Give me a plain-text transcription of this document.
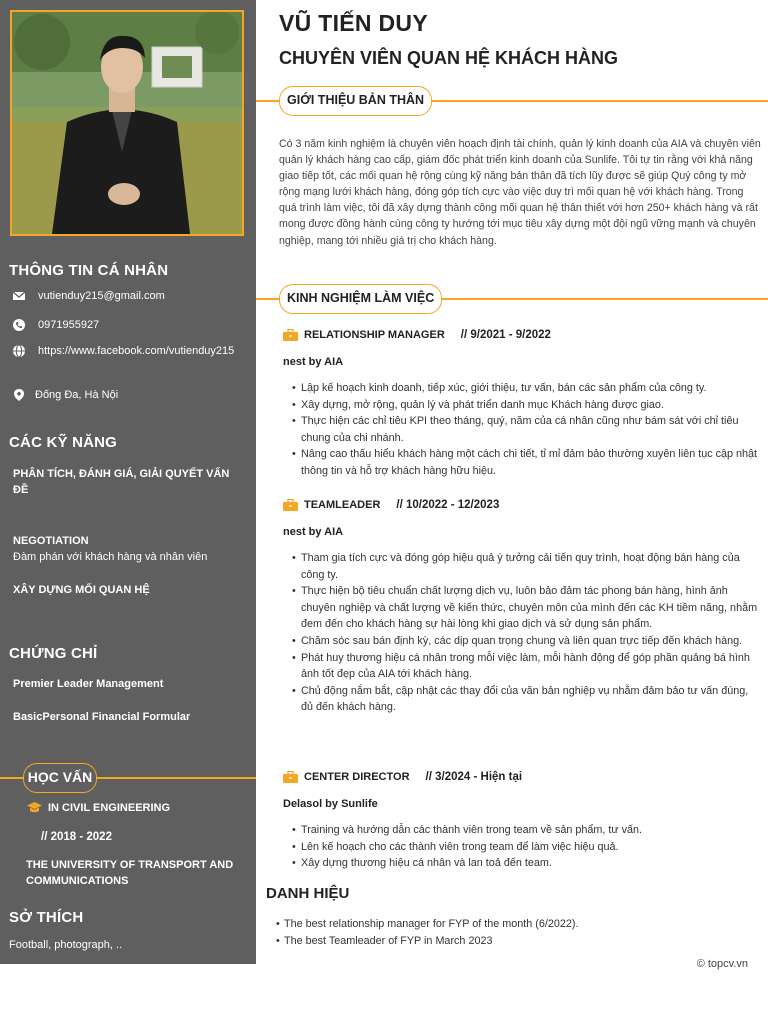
THÔNG TIN CÁ NHÂN
vutienduy215@gmail.com
0971955927
https://www.facebook.com/vutienduy215
Đống Đa, Hà Nội
CÁC KỸ NĂNG
PHÂN TÍCH, ĐÁNH GIÁ, GIẢI QUYẾT VẤN ĐỀ
NEGOTIATION
Đàm phán với khách hàng và nhân viên
XÂY DỰNG MỐI QUAN HỆ
CHỨNG CHỈ
Premier Leader Management
BasicPersonal Financial Formular
HỌC VẤN
IN CIVIL ENGINEERING
// 2018 - 2022
THE UNIVERSITY OF TRANSPORT AND COMMUNICATIONS
SỞ THÍCH
Football, photograph, ..
VŨ TIẾN DUY
CHUYÊN VIÊN QUAN HỆ KHÁCH HÀNG
GIỚI THIỆU BẢN THÂN
Có 3 năm kinh nghiệm là chuyên viên hoạch định tài chính, quản lý kinh doanh của AIA và chuyên viên quản lý khách hàng cao cấp, giám đốc phát triển kinh doanh của Sunlife. Tôi tự tin rằng với khả năng giao tiếp tốt, các mối quan hệ rộng cùng kỹ năng bản thân đã tích lũy được sẽ giúp Quý công ty mở rộng mạng lưới khách hàng, đóng góp tích cực vào việc duy trì mối quan hệ với khách hàng. Trong quá trình làm việc, tôi đã xây dựng thành công mối quan hệ thân thiết với hơn 250+ khách hàng và rất mong được đồng hành cùng công ty hướng tới mục tiêu xây dựng một đội ngũ vững mạnh và chuyên nghiệp, mang tới nhiều giá trị cho khách hàng.
KINH NGHIỆM LÀM VIỆC
RELATIONSHIP MANAGER // 9/2021 - 9/2022
nest by AIA
• Lập kế hoạch kinh doanh, tiếp xúc, giới thiệu, tư vấn, bán các sản phẩm của công ty.
• Xây dựng, mở rộng, quản lý và phát triển danh mục Khách hàng được giao.
• Thực hiện các chỉ tiêu KPI theo tháng, quý, năm của cá nhân cũng như bám sát với chỉ tiêu chung của chi nhánh.
• Nâng cao thấu hiểu khách hàng một cách chi tiết, tỉ mỉ đảm bảo thường xuyên liên tục cập nhật thông tin và hỗ trợ khách hàng hữu hiệu.
TEAMLEADER // 10/2022 - 12/2023
nest by AIA
• Tham gia tích cực và đóng góp hiệu quả ý tưởng cải tiến quy trình, hoạt động bán hàng của công ty.
• Thực hiện bộ tiêu chuẩn chất lượng dịch vụ, luôn bảo đảm tác phong bán hàng, hình ảnh chuyên nghiệp và chất lượng về kiến thức, chuyên môn của mình đến các KH tiềm năng, nhằm đem đến cho khách hàng sự hài lòng khi giao dịch và sử dụng sản phẩm.
• Chăm sóc sau bán định kỳ, các dịp quan trọng chung và liên quan trực tiếp đến khách hàng.
• Phát huy thương hiệu cá nhân trong mỗi việc làm, mỗi hành động để góp phần quảng bá hình ảnh tốt đẹp của AIA tới khách hàng.
• Chủ động nắm bắt, cập nhật các thay đổi của văn bản nghiệp vụ nhằm đảm bảo tư vấn đúng, đủ đến khách hàng.
CENTER DIRECTOR // 3/2024 - Hiện tại
Delasol by Sunlife
• Training và hướng dẫn các thành viên trong team về sản phẩm, tư vấn.
• Lên kế hoạch cho các thành viên trong team để làm việc hiệu quả.
• Xây dựng thương hiệu cá nhân và lan toả đến team.
DANH HIỆU
• The best relationship manager for FYP of the month (6/2022).
• The best Teamleader of FYP in March 2023
© topcv.vn
